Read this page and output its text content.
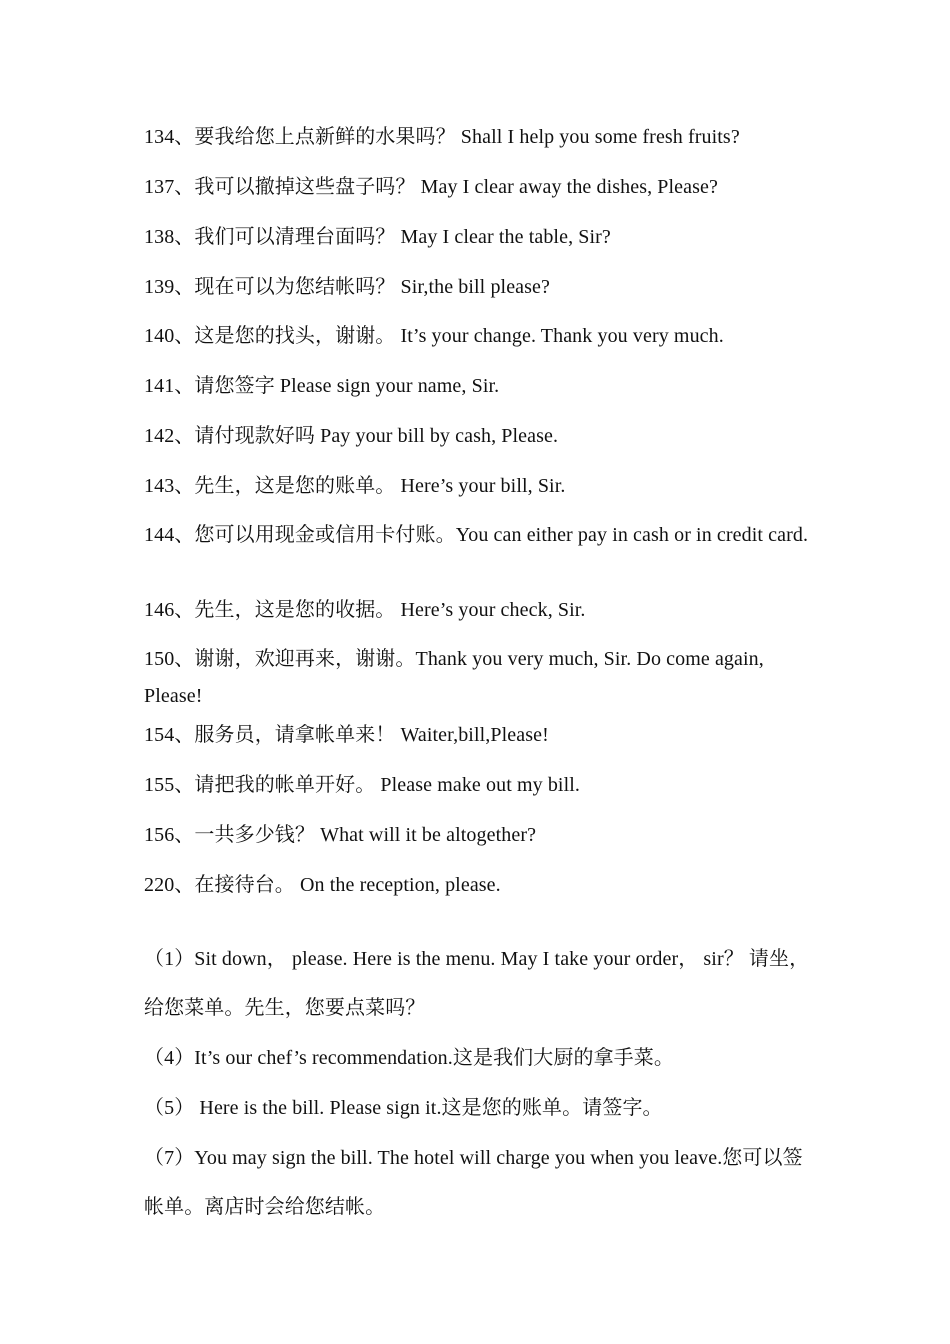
134、要我给您上点新鲜的水果吗？ Shall I help you some fresh fruits?
137、我可以撤掉这些盘子吗？ May I clear away the dishes, Please?
138、我们可以清理台面吗？ May I clear the table, Sir?
139、现在可以为您结帐吗？ Sir,the bill please?
140、这是您的找头，谢谢。 It’s your change. Thank you very much.
141、请您签字 Please sign your name, Sir.
142、请付现款好吗 Pay your bill by cash, Please.
143、先生，这是您的账单。 Here’s your bill, Sir.
144、您可以用现金或信用卡付账。You can either pay in cash or in credit card.
146、先生，这是您的收据。 Here’s your check, Sir.
150、谢谢，欢迎再来，谢谢。Thank you very much, Sir. Do come again, Please!
154、服务员，请拿帐单来！ Waiter,bill,Please!
155、请把我的帐单开好。 Please make out my bill.
156、一共多少钱？ What will it be altogether?
220、在接待台。 On the reception, please.
（1）Sit down， please. Here is the menu. May I take your order， sir？ 请坐，给您菜单。先生，您要点菜吗？
（4）It’s our chef’s recommendation.这是我们大厨的拿手菜。
（5） Here is the bill. Please sign it.这是您的账单。请签字。
（7）You may sign the bill. The hotel will charge you when you leave.您可以签帐单。离店时会给您结帐。
